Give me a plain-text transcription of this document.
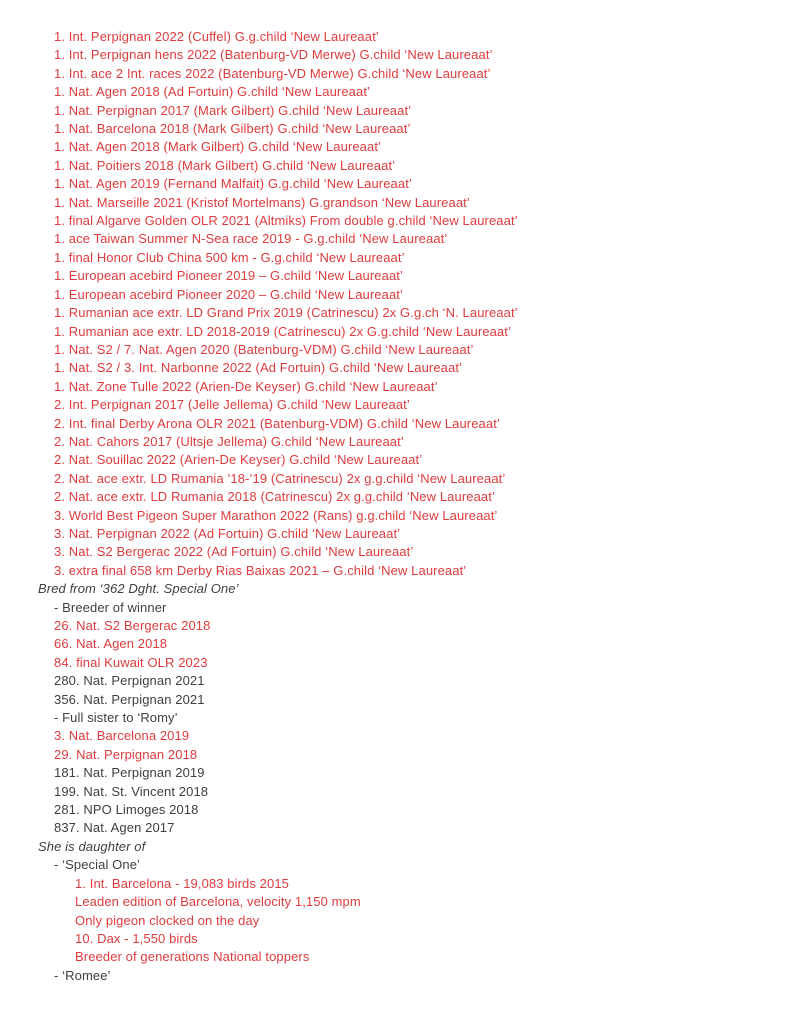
1. Int. Perpignan 2022 (Cuffel) G.g.child ‘New Laureaat’
1. Int. Perpignan hens 2022 (Batenburg-VD Merwe) G.child ‘New Laureaat’
1. Int. ace 2 Int. races 2022 (Batenburg-VD Merwe) G.child ‘New Laureaat’
1. Nat. Agen 2018 (Ad Fortuin) G.child ‘New Laureaat’
1. Nat. Perpignan 2017 (Mark Gilbert) G.child ‘New Laureaat’
1. Nat. Barcelona 2018 (Mark Gilbert) G.child ‘New Laureaat’
1. Nat. Agen 2018 (Mark Gilbert) G.child ‘New Laureaat’
1. Nat. Poitiers 2018 (Mark Gilbert) G.child ‘New Laureaat’
1. Nat. Agen 2019 (Fernand Malfait) G.g.child ‘New Laureaat’
1. Nat. Marseille 2021 (Kristof Mortelmans) G.grandson ‘New Laureaat’
1. final Algarve Golden OLR 2021 (Altmiks) From double g.child ‘New Laureaat’
1. ace Taiwan Summer N-Sea race 2019 - G.g.child ‘New Laureaat’
1. final Honor Club China 500 km - G.g.child ‘New Laureaat’
1. European acebird Pioneer 2019 – G.child ‘New Laureaat’
1. European acebird Pioneer 2020 – G.child ‘New Laureaat’
1. Rumanian ace extr. LD Grand Prix 2019 (Catrinescu) 2x G.g.ch ‘N. Laureaat’
1. Rumanian ace extr. LD 2018-2019 (Catrinescu) 2x G.g.child ‘New Laureaat’
1. Nat. S2 / 7. Nat. Agen 2020 (Batenburg-VDM) G.child ‘New Laureaat’
1. Nat. S2 / 3. Int. Narbonne 2022 (Ad Fortuin) G.child ‘New Laureaat’
1. Nat. Zone Tulle 2022 (Arien-De Keyser) G.child ‘New Laureaat’
2. Int. Perpignan 2017 (Jelle Jellema) G.child ‘New Laureaat’
2. Int. final Derby Arona OLR 2021 (Batenburg-VDM) G.child ‘New Laureaat’
2. Nat. Cahors 2017 (Ultsje Jellema) G.child ‘New Laureaat’
2. Nat. Souillac 2022 (Arien-De Keyser) G.child ‘New Laureaat’
2. Nat. ace extr. LD Rumania ’18-’19 (Catrinescu) 2x g.g.child ‘New Laureaat’
2. Nat. ace extr. LD Rumania 2018 (Catrinescu) 2x g.g.child ‘New Laureaat’
3. World Best Pigeon Super Marathon 2022 (Rans) g.g.child ‘New Laureaat’
3. Nat. Perpignan 2022 (Ad Fortuin) G.child ‘New Laureaat’
3. Nat. S2 Bergerac 2022 (Ad Fortuin) G.child ‘New Laureaat’
3. extra final 658 km Derby Rias Baixas 2021 – G.child ‘New Laureaat’
Bred from ‘362 Dght. Special One’
- Breeder of winner
26. Nat. S2 Bergerac 2018
66. Nat. Agen 2018
84. final Kuwait OLR 2023
280. Nat. Perpignan 2021
356. Nat. Perpignan 2021
- Full sister to ‘Romy’
3. Nat. Barcelona 2019
29. Nat. Perpignan 2018
181. Nat. Perpignan 2019
199. Nat. St. Vincent 2018
281. NPO Limoges 2018
837. Nat. Agen 2017
She is daughter of
- ‘Special One’
1. Int. Barcelona - 19,083 birds 2015
Leaden edition of Barcelona, velocity 1,150 mpm
Only pigeon clocked on the day
10. Dax - 1,550 birds
Breeder of generations National toppers
- ‘Romee’
